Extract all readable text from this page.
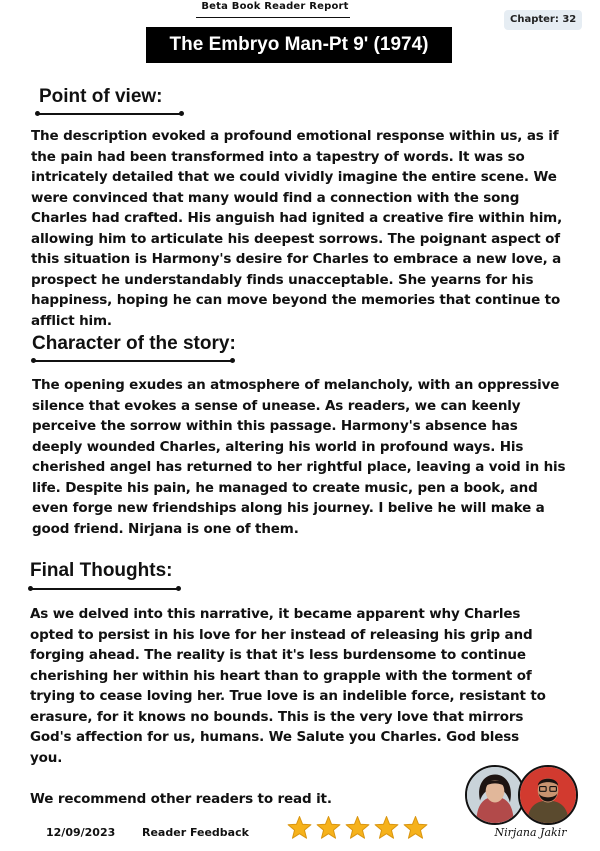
Beta Book Reader Report
Chapter: 32
The Embryo Man-Pt 9' (1974)
Point of view:

The description evoked a profound emotional response within us, as if the pain had been transformed into a tapestry of words. It was so intricately detailed that we could vividly imagine the entire scene. We were convinced that many would find a connection with the song Charles had crafted. His anguish had ignited a creative fire within him, allowing him to articulate his deepest sorrows. The poignant aspect of this situation is Harmony's desire for Charles to embrace a new love, a prospect he understandably finds unacceptable. She yearns for his happiness, hoping he can move beyond the memories that continue to afflict him.

Character of the story:

The opening exudes an atmosphere of melancholy, with an oppressive silence that evokes a sense of unease. As readers, we can keenly perceive the sorrow within this passage. Harmony's absence has deeply wounded Charles, altering his world in profound ways. His cherished angel has returned to her rightful place, leaving a void in his life. Despite his pain, he managed to create music, pen a book, and even forge new friendships along his journey. I belive he will make a good friend. Nirjana is one of them.

Final Thoughts:

As we delved into this narrative, it became apparent why Charles opted to persist in his love for her instead of releasing his grip and forging ahead. The reality is that it's less burdensome to continue cherishing her within his heart than to grapple with the torment of trying to cease loving her. True love is an indelible force, resistant to erasure, for it knows no bounds. This is the very love that mirrors God's affection for us, humans. We Salute you Charles. God bless you.

We recommend other readers to read it.

12/09/2023 Reader Feedback	Nirjana Jakir
